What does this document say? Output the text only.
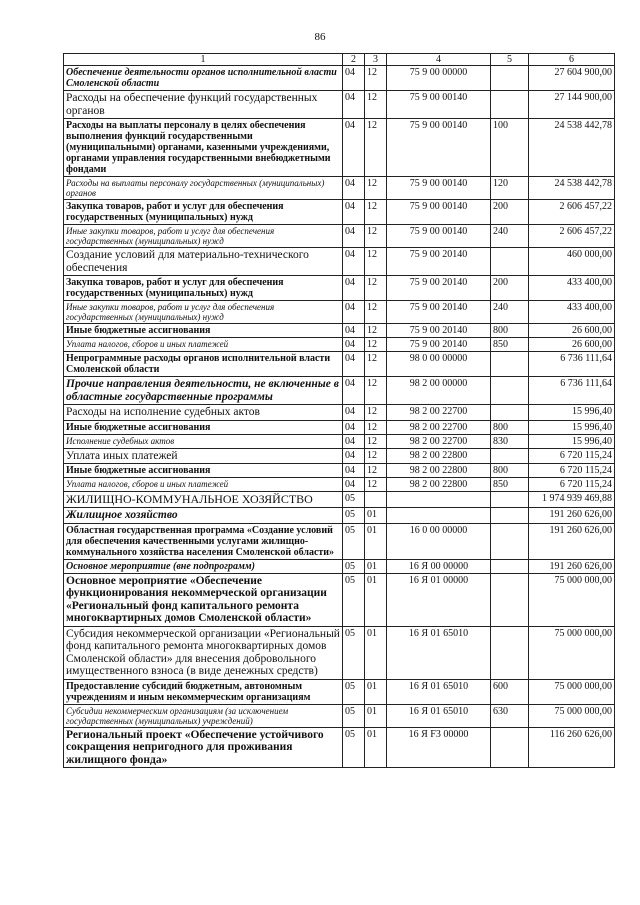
86
1	2	3	4	5	6
Обеспечение деятельности органов исполнительной власти Смоленской области	04	12	75 9 00 00000		27 604 900,00
Расходы на обеспечение функций государственных органов	04	12	75 9 00 00140		27 144 900,00
Расходы на выплаты персоналу в целях обеспечения выполнения функций государственными (муниципальными) органами, казенными учреждениями, органами управления государственными внебюджетными фондами	04	12	75 9 00 00140	100	24 538 442,78
Расходы на выплаты персоналу государственных (муниципальных) органов	04	12	75 9 00 00140	120	24 538 442,78
Закупка товаров, работ и услуг для обеспечения государственных (муниципальных) нужд	04	12	75 9 00 00140	200	2 606 457,22
Иные закупки товаров, работ и услуг для обеспечения государственных (муниципальных) нужд	04	12	75 9 00 00140	240	2 606 457,22
Создание условий для материально-технического обеспечения	04	12	75 9 00 20140		460 000,00
Закупка товаров, работ и услуг для обеспечения государственных (муниципальных) нужд	04	12	75 9 00 20140	200	433 400,00
Иные закупки товаров, работ и услуг для обеспечения государственных (муниципальных) нужд	04	12	75 9 00 20140	240	433 400,00
Иные бюджетные ассигнования	04	12	75 9 00 20140	800	26 600,00
Уплата налогов, сборов и иных платежей	04	12	75 9 00 20140	850	26 600,00
Непрограммные расходы органов исполнительной власти Смоленской области	04	12	98 0 00 00000		6 736 111,64
Прочие направления деятельности, не включенные в областные государственные программы	04	12	98 2 00 00000		6 736 111,64
Расходы на исполнение судебных актов	04	12	98 2 00 22700		15 996,40
Иные бюджетные ассигнования	04	12	98 2 00 22700	800	15 996,40
Исполнение судебных актов	04	12	98 2 00 22700	830	15 996,40
Уплата иных платежей	04	12	98 2 00 22800		6 720 115,24
Иные бюджетные ассигнования	04	12	98 2 00 22800	800	6 720 115,24
Уплата налогов, сборов и иных платежей	04	12	98 2 00 22800	850	6 720 115,24
ЖИЛИЩНО-КОММУНАЛЬНОЕ ХОЗЯЙСТВО	05				1 974 939 469,88
Жилищное хозяйство	05	01			191 260 626,00
Областная государственная программа «Создание условий для обеспечения качественными услугами жилищно-коммунального хозяйства населения Смоленской области»	05	01	16 0 00 00000		191 260 626,00
Основное мероприятие (вне подпрограмм)	05	01	16 Я 00 00000		191 260 626,00
Основное мероприятие «Обеспечение функционирования некоммерческой организации «Региональный фонд капитального ремонта многоквартирных домов Смоленской области»	05	01	16 Я 01 00000		75 000 000,00
Субсидия некоммерческой организации «Региональный фонд капитального ремонта многоквартирных домов Смоленской области» для внесения добровольного имущественного взноса (в виде денежных средств)	05	01	16 Я 01 65010		75 000 000,00
Предоставление субсидий бюджетным, автономным учреждениям и иным некоммерческим организациям	05	01	16 Я 01 65010	600	75 000 000,00
Субсидии некоммерческим организациям (за исключением государственных (муниципальных) учреждений)	05	01	16 Я 01 65010	630	75 000 000,00
Региональный проект «Обеспечение устойчивого сокращения непригодного для проживания жилищного фонда»	05	01	16 Я F3 00000		116 260 626,00
